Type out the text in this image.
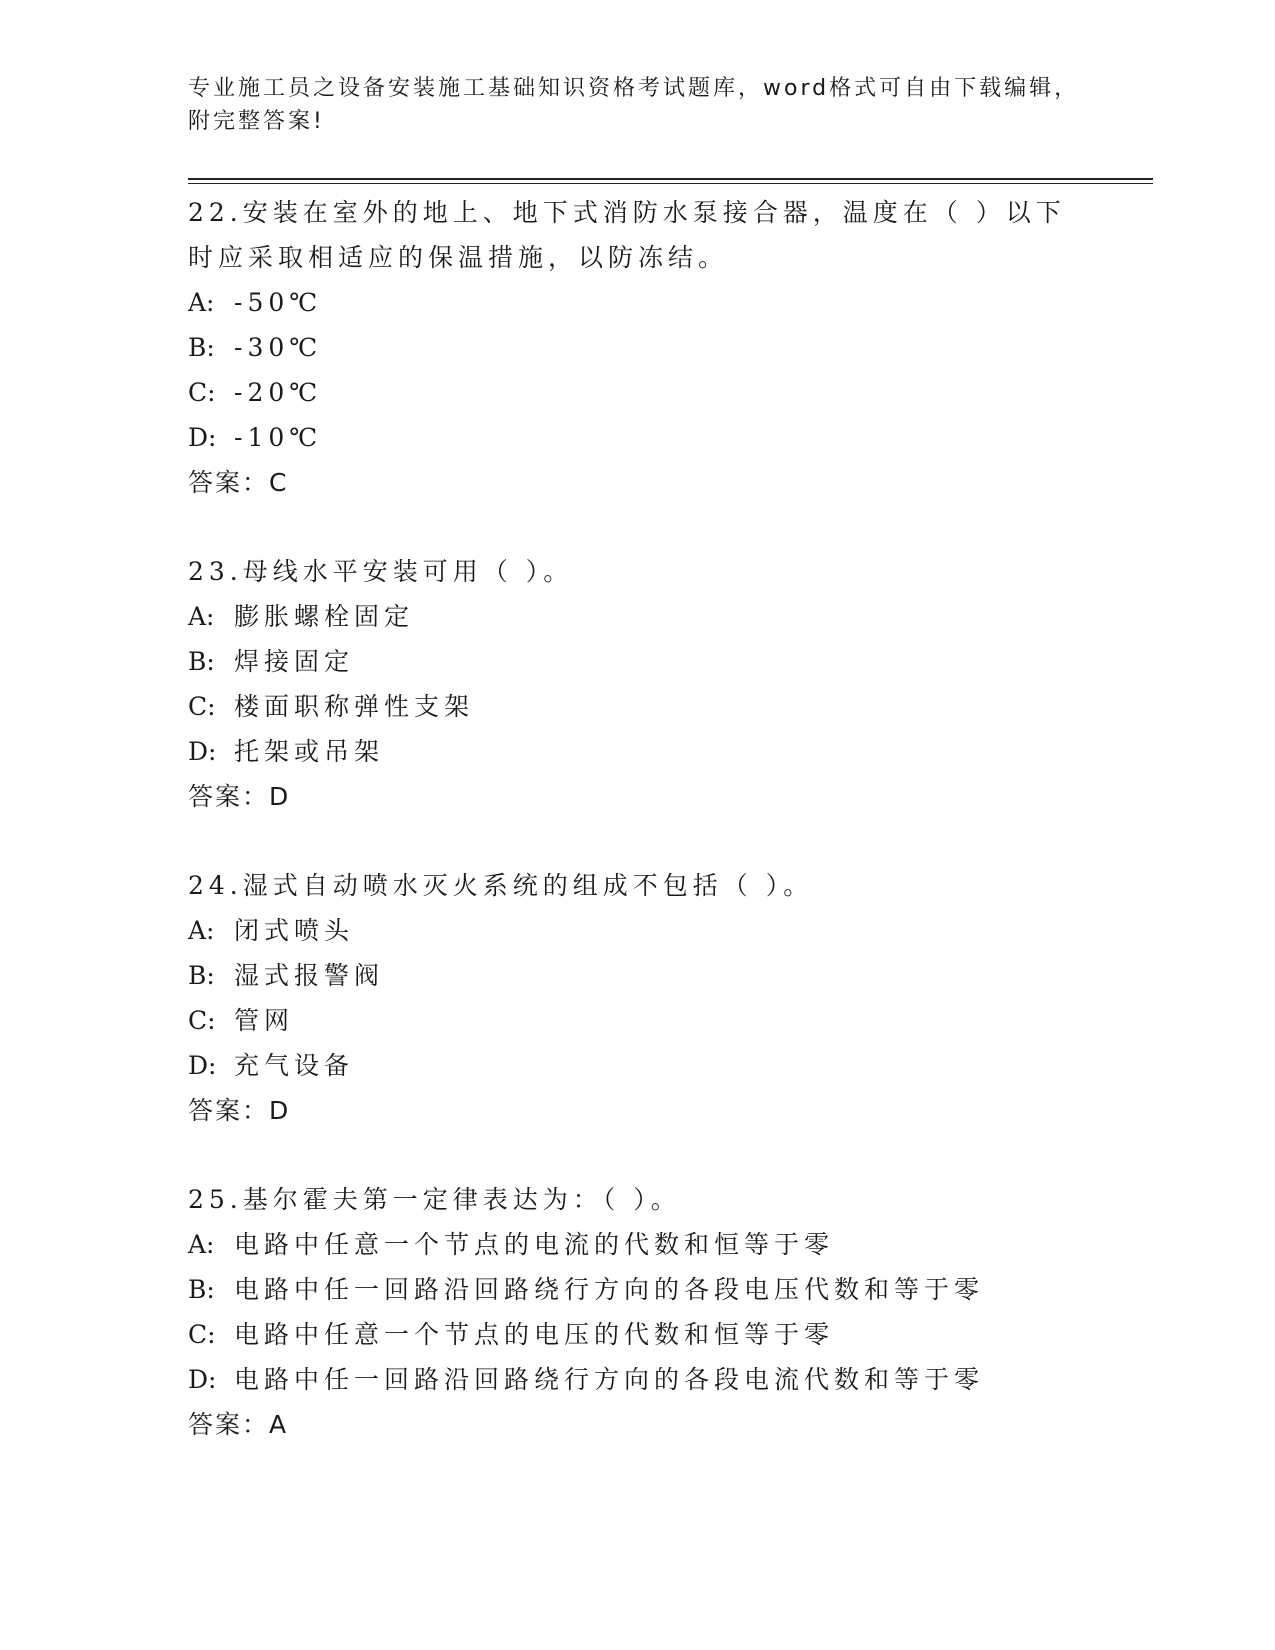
专业施工员之设备安装施工基础知识资格考试题库，word格式可自由下载编辑，
附完整答案!
22.安装在室外的地上、地下式消防水泵接合器，温度在（ ）以下时应采取相适应的保温措施，以防冻结。
A: -50℃
B: -30℃
C: -20℃
D: -10℃
答案：C
23.母线水平安装可用（ ）。
A: 膨胀螺栓固定
B: 焊接固定
C: 楼面职称弹性支架
D: 托架或吊架
答案：D
24.湿式自动喷水灭火系统的组成不包括（ ）。
A: 闭式喷头
B: 湿式报警阀
C: 管网
D: 充气设备
答案：D
25.基尔霍夫第一定律表达为：（ ）。
A: 电路中任意一个节点的电流的代数和恒等于零
B: 电路中任一回路沿回路绕行方向的各段电压代数和等于零
C: 电路中任意一个节点的电压的代数和恒等于零
D: 电路中任一回路沿回路绕行方向的各段电流代数和等于零
答案：A
